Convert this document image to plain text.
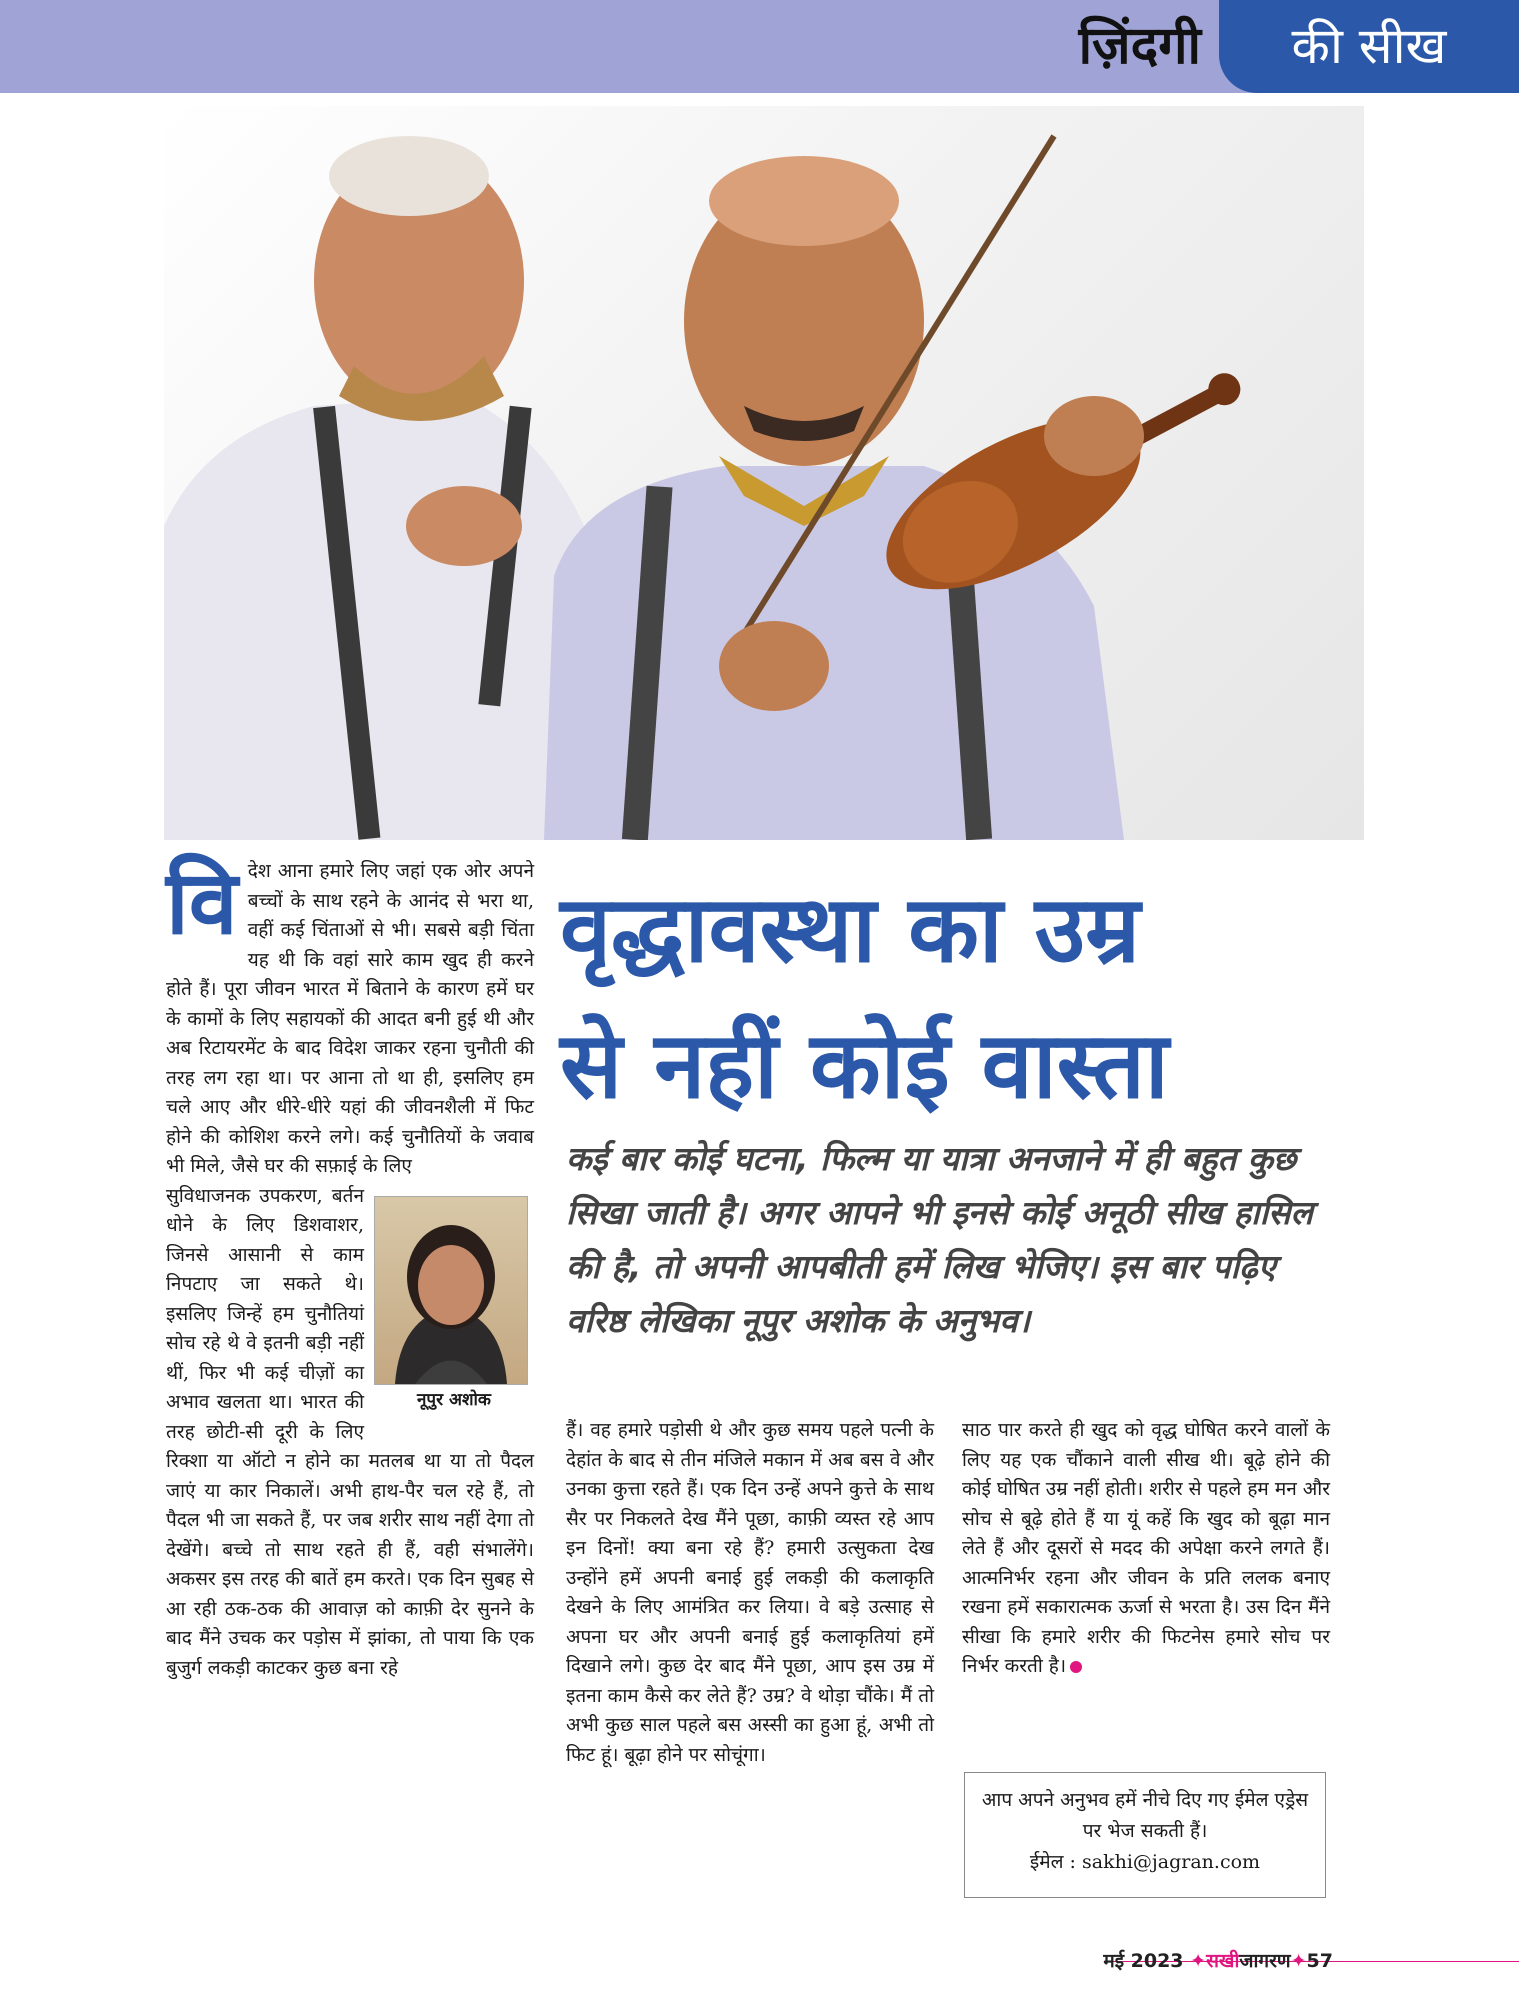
ज़िंदगी	की सीख
वि देश आना हमारे लिए जहां एक ओर अपने बच्चों के साथ रहने के आनंद से भरा था, वहीं कई चिंताओं से भी। सबसे बड़ी चिंता यह थी कि वहां सारे काम खुद ही करने होते हैं। पूरा जीवन भारत में बिताने के कारण हमें घर के कामों के लिए सहायकों की आदत बनी हुई थी और अब रिटायरमेंट के बाद विदेश जाकर रहना चुनौती की तरह लग रहा था। पर आना तो था ही, इसलिए हम चले आए और धीरे-धीरे यहां की जीवनशैली में फिट होने की कोशिश करने लगे। कई चुनौतियों के जवाब भी मिले, जैसे घर की सफ़ाई के लिए

नूपुर अशोक

सुविधाजनक उपकरण, बर्तन धोने के लिए डिशवाशर, जिनसे आसानी से काम निपटाए जा सकते थे। इसलिए जिन्हें हम चुनौतियां सोच रहे थे वे इतनी बड़ी नहीं थीं, फिर भी कई चीज़ों का अभाव खलता था। भारत की तरह छोटी-सी दूरी के लिए रिक्शा या ऑटो न होने का मतलब था या तो पैदल जाएं या कार निकालें। अभी हाथ-पैर चल रहे हैं, तो पैदल भी जा सकते हैं, पर जब शरीर साथ नहीं देगा तो देखेंगे। बच्चे तो साथ रहते ही हैं, वही संभालेंगे। अकसर इस तरह की बातें हम करते। एक दिन सुबह से आ रही ठक-ठक की आवाज़ को काफ़ी देर सुनने के बाद मैंने उचक कर पड़ोस में झांका, तो पाया कि एक बुजुर्ग लकड़ी काटकर कुछ बना रहे

वृद्धावस्था का उम्र
से नहीं कोई वास्ता
कई बार कोई घटना, फिल्म या यात्रा अनजाने में ही बहुत कुछ सिखा जाती है। अगर आपने भी इनसे कोई अनूठी सीख हासिल की है, तो अपनी आपबीती हमें लिख भेजिए। इस बार पढ़िए वरिष्ठ लेखिका नूपुर अशोक के अनुभव।

हैं। वह हमारे पड़ोसी थे और कुछ समय पहले पत्नी के देहांत के बाद से तीन मंजिले मकान में अब बस वे और उनका कुत्ता रहते हैं। एक दिन उन्हें अपने कुत्ते के साथ सैर पर निकलते देख मैंने पूछा, काफ़ी व्यस्त रहे आप इन दिनों! क्या बना रहे हैं? हमारी उत्सुकता देख उन्होंने हमें अपनी बनाई हुई लकड़ी की कलाकृति देखने के लिए आमंत्रित कर लिया। वे बड़े उत्साह से अपना घर और अपनी बनाई हुई कलाकृतियां हमें दिखाने लगे। कुछ देर बाद मैंने पूछा, आप इस उम्र में इतना काम कैसे कर लेते हैं? उम्र? वे थोड़ा चौंके। मैं तो अभी कुछ साल पहले बस अस्सी का हुआ हूं, अभी तो फिट हूं। बूढ़ा होने पर सोचूंगा।

साठ पार करते ही खुद को वृद्ध घोषित करने वालों के लिए यह एक चौंकाने वाली सीख थी। बूढ़े होने की कोई घोषित उम्र नहीं होती। शरीर से पहले हम मन और सोच से बूढ़े होते हैं या यूं कहें कि खुद को बूढ़ा मान लेते हैं और दूसरों से मदद की अपेक्षा करने लगते हैं। आत्मनिर्भर रहना और जीवन के प्रति ललक बनाए रखना हमें सकारात्मक ऊर्जा से भरता है। उस दिन मैंने सीखा कि हमारे शरीर की फिटनेस हमारे सोच पर निर्भर करती है।

आप अपने अनुभव हमें नीचे दिए गए ईमेल एड्रेस
पर भेज सकती हैं।
ईमेल : sakhi@jagran.com
मई 2023 ✦सखीजागरण✦57
